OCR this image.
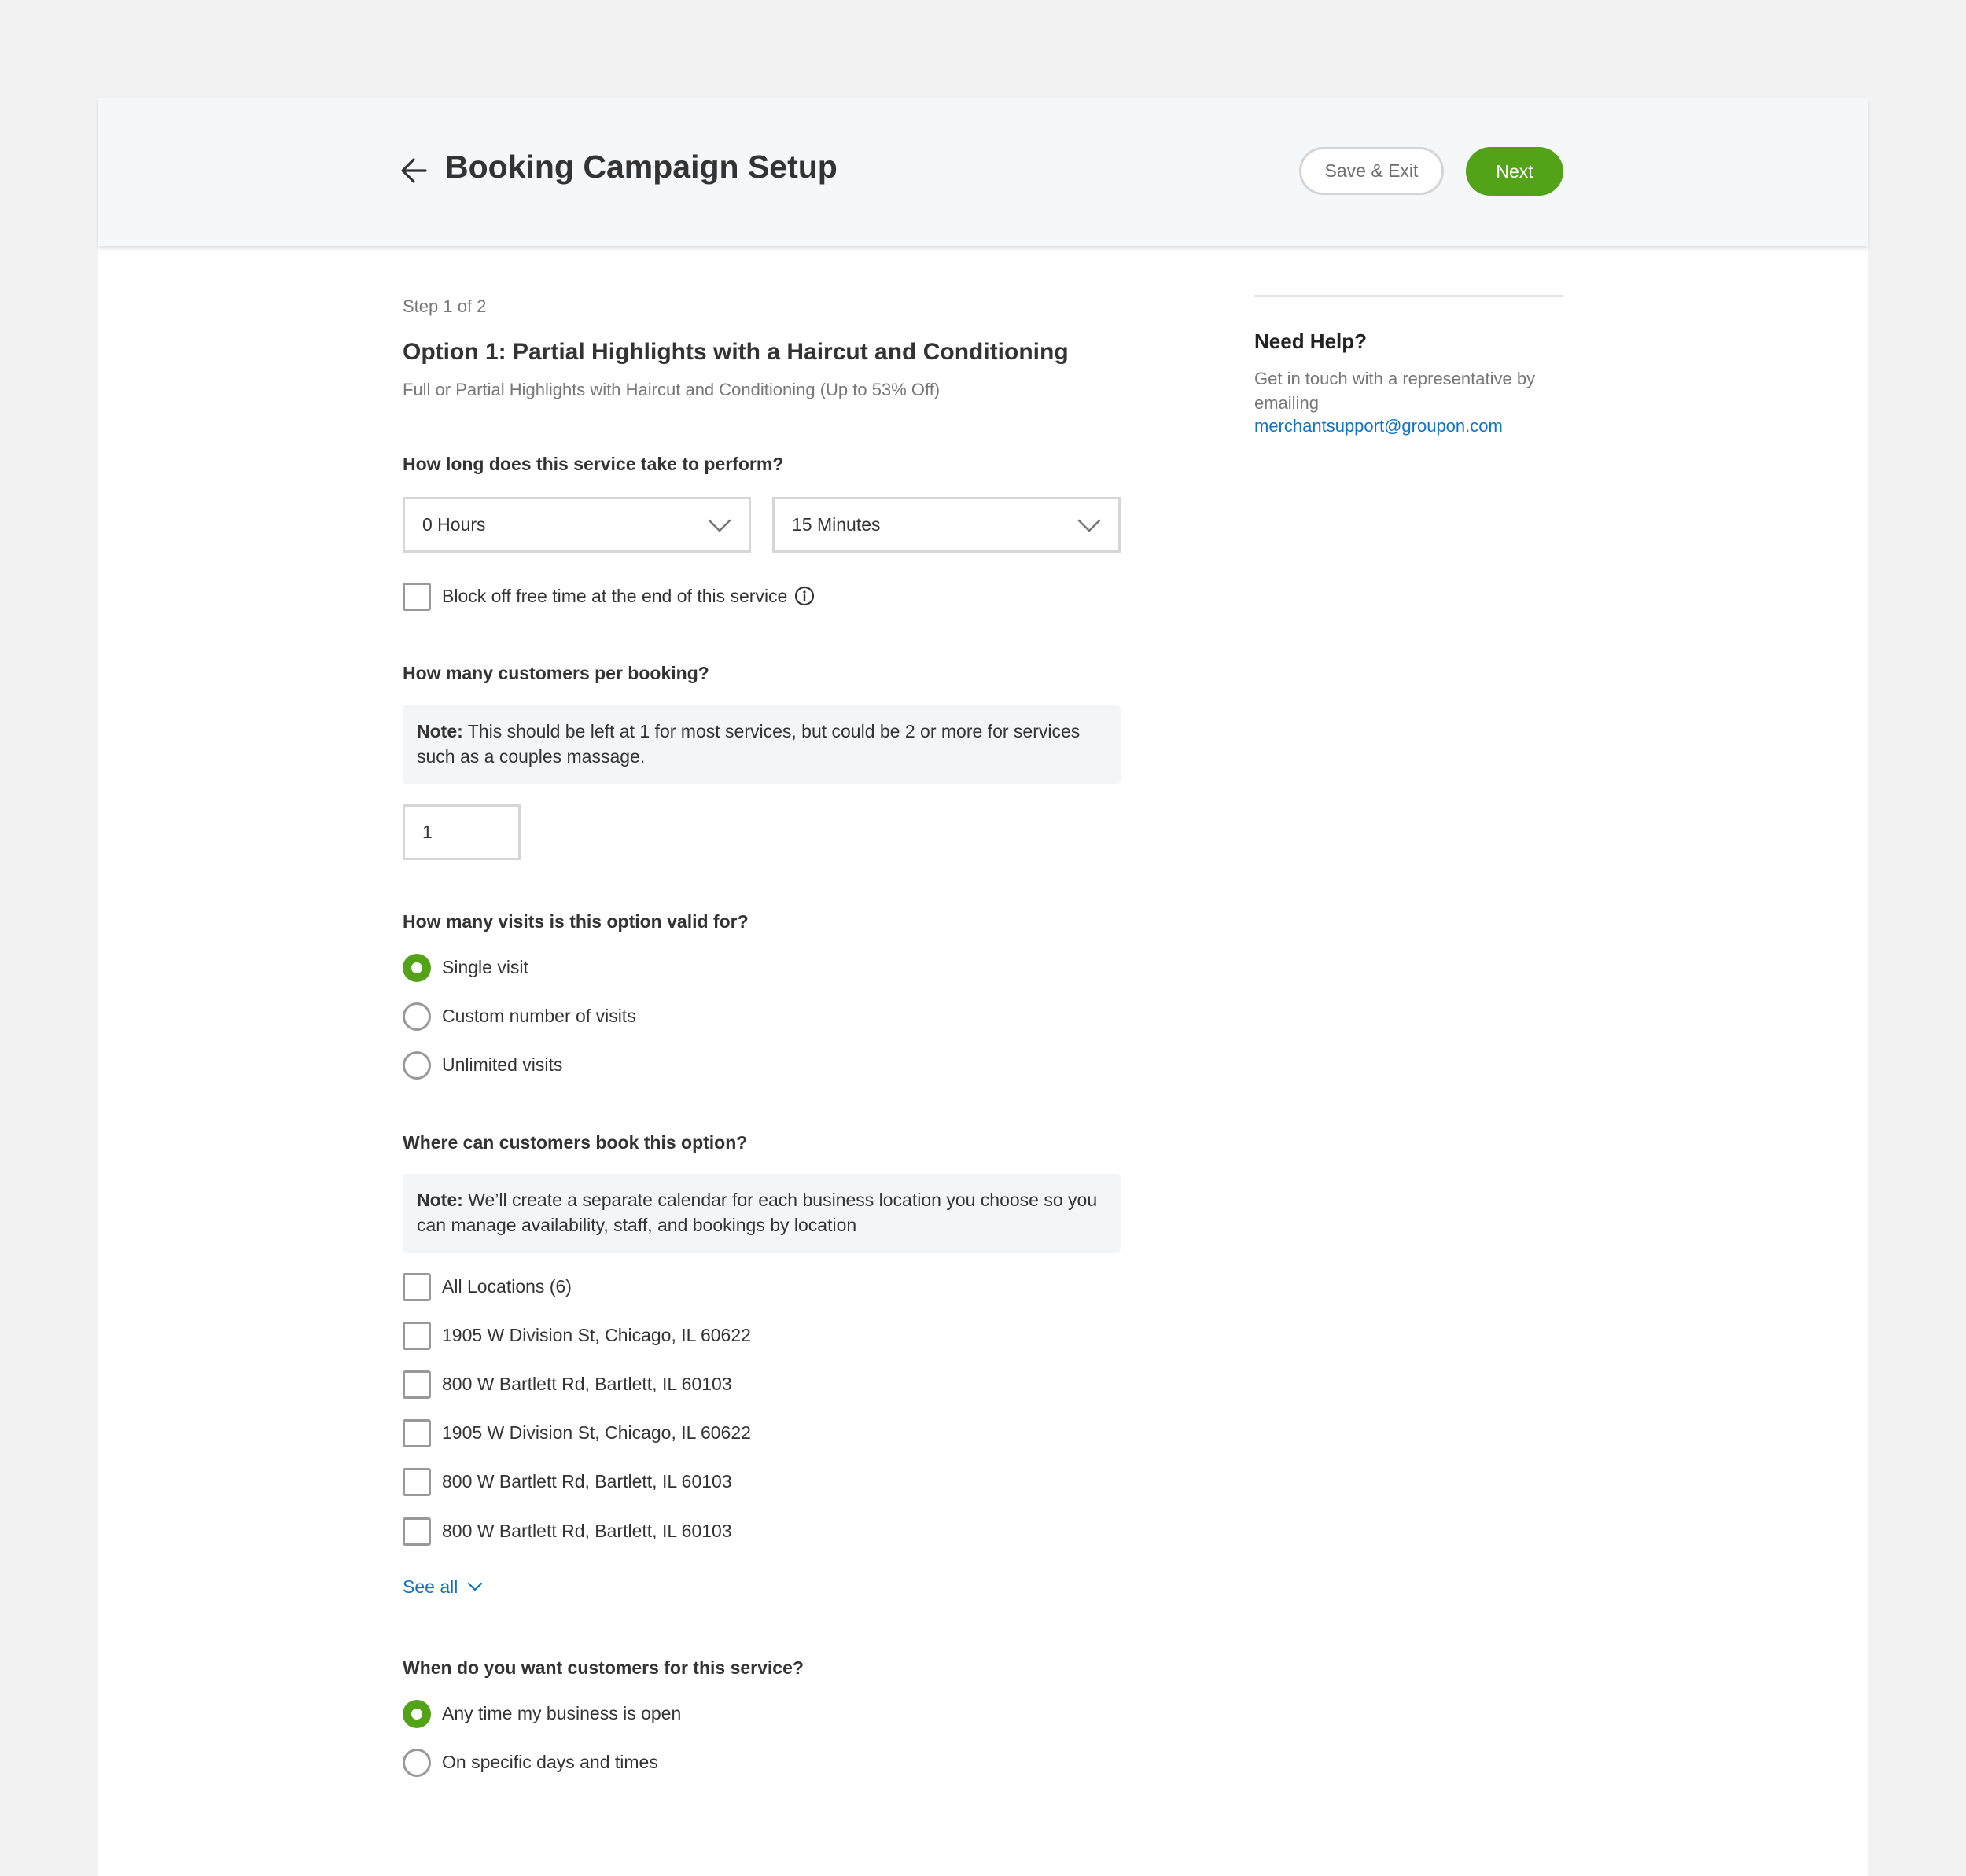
Booking Campaign Setup	Save & Exit	Next
Step 1 of 2
Option 1: Partial Highlights with a Haircut and Conditioning
Full or Partial Highlights with Haircut and Conditioning (Up to 53% Off)
How long does this service take to perform?
0 Hours	15 Minutes
Block off free time at the end of this service
How many customers per booking?
Note: This should be left at 1 for most services, but could be 2 or more for services such as a couples massage.
1
How many visits is this option valid for?
Single visit
Custom number of visits
Unlimited visits
Where can customers book this option?
Note: We’ll create a separate calendar for each business location you choose so you can manage availability, staff, and bookings by location
All Locations (6)
1905 W Division St, Chicago, IL 60622
800 W Bartlett Rd, Bartlett, IL 60103
1905 W Division St, Chicago, IL 60622
800 W Bartlett Rd, Bartlett, IL 60103
800 W Bartlett Rd, Bartlett, IL 60103
See all
When do you want customers for this service?
Any time my business is open
On specific days and times
Need Help?
Get in touch with a representative by emailing
merchantsupport@groupon.com
